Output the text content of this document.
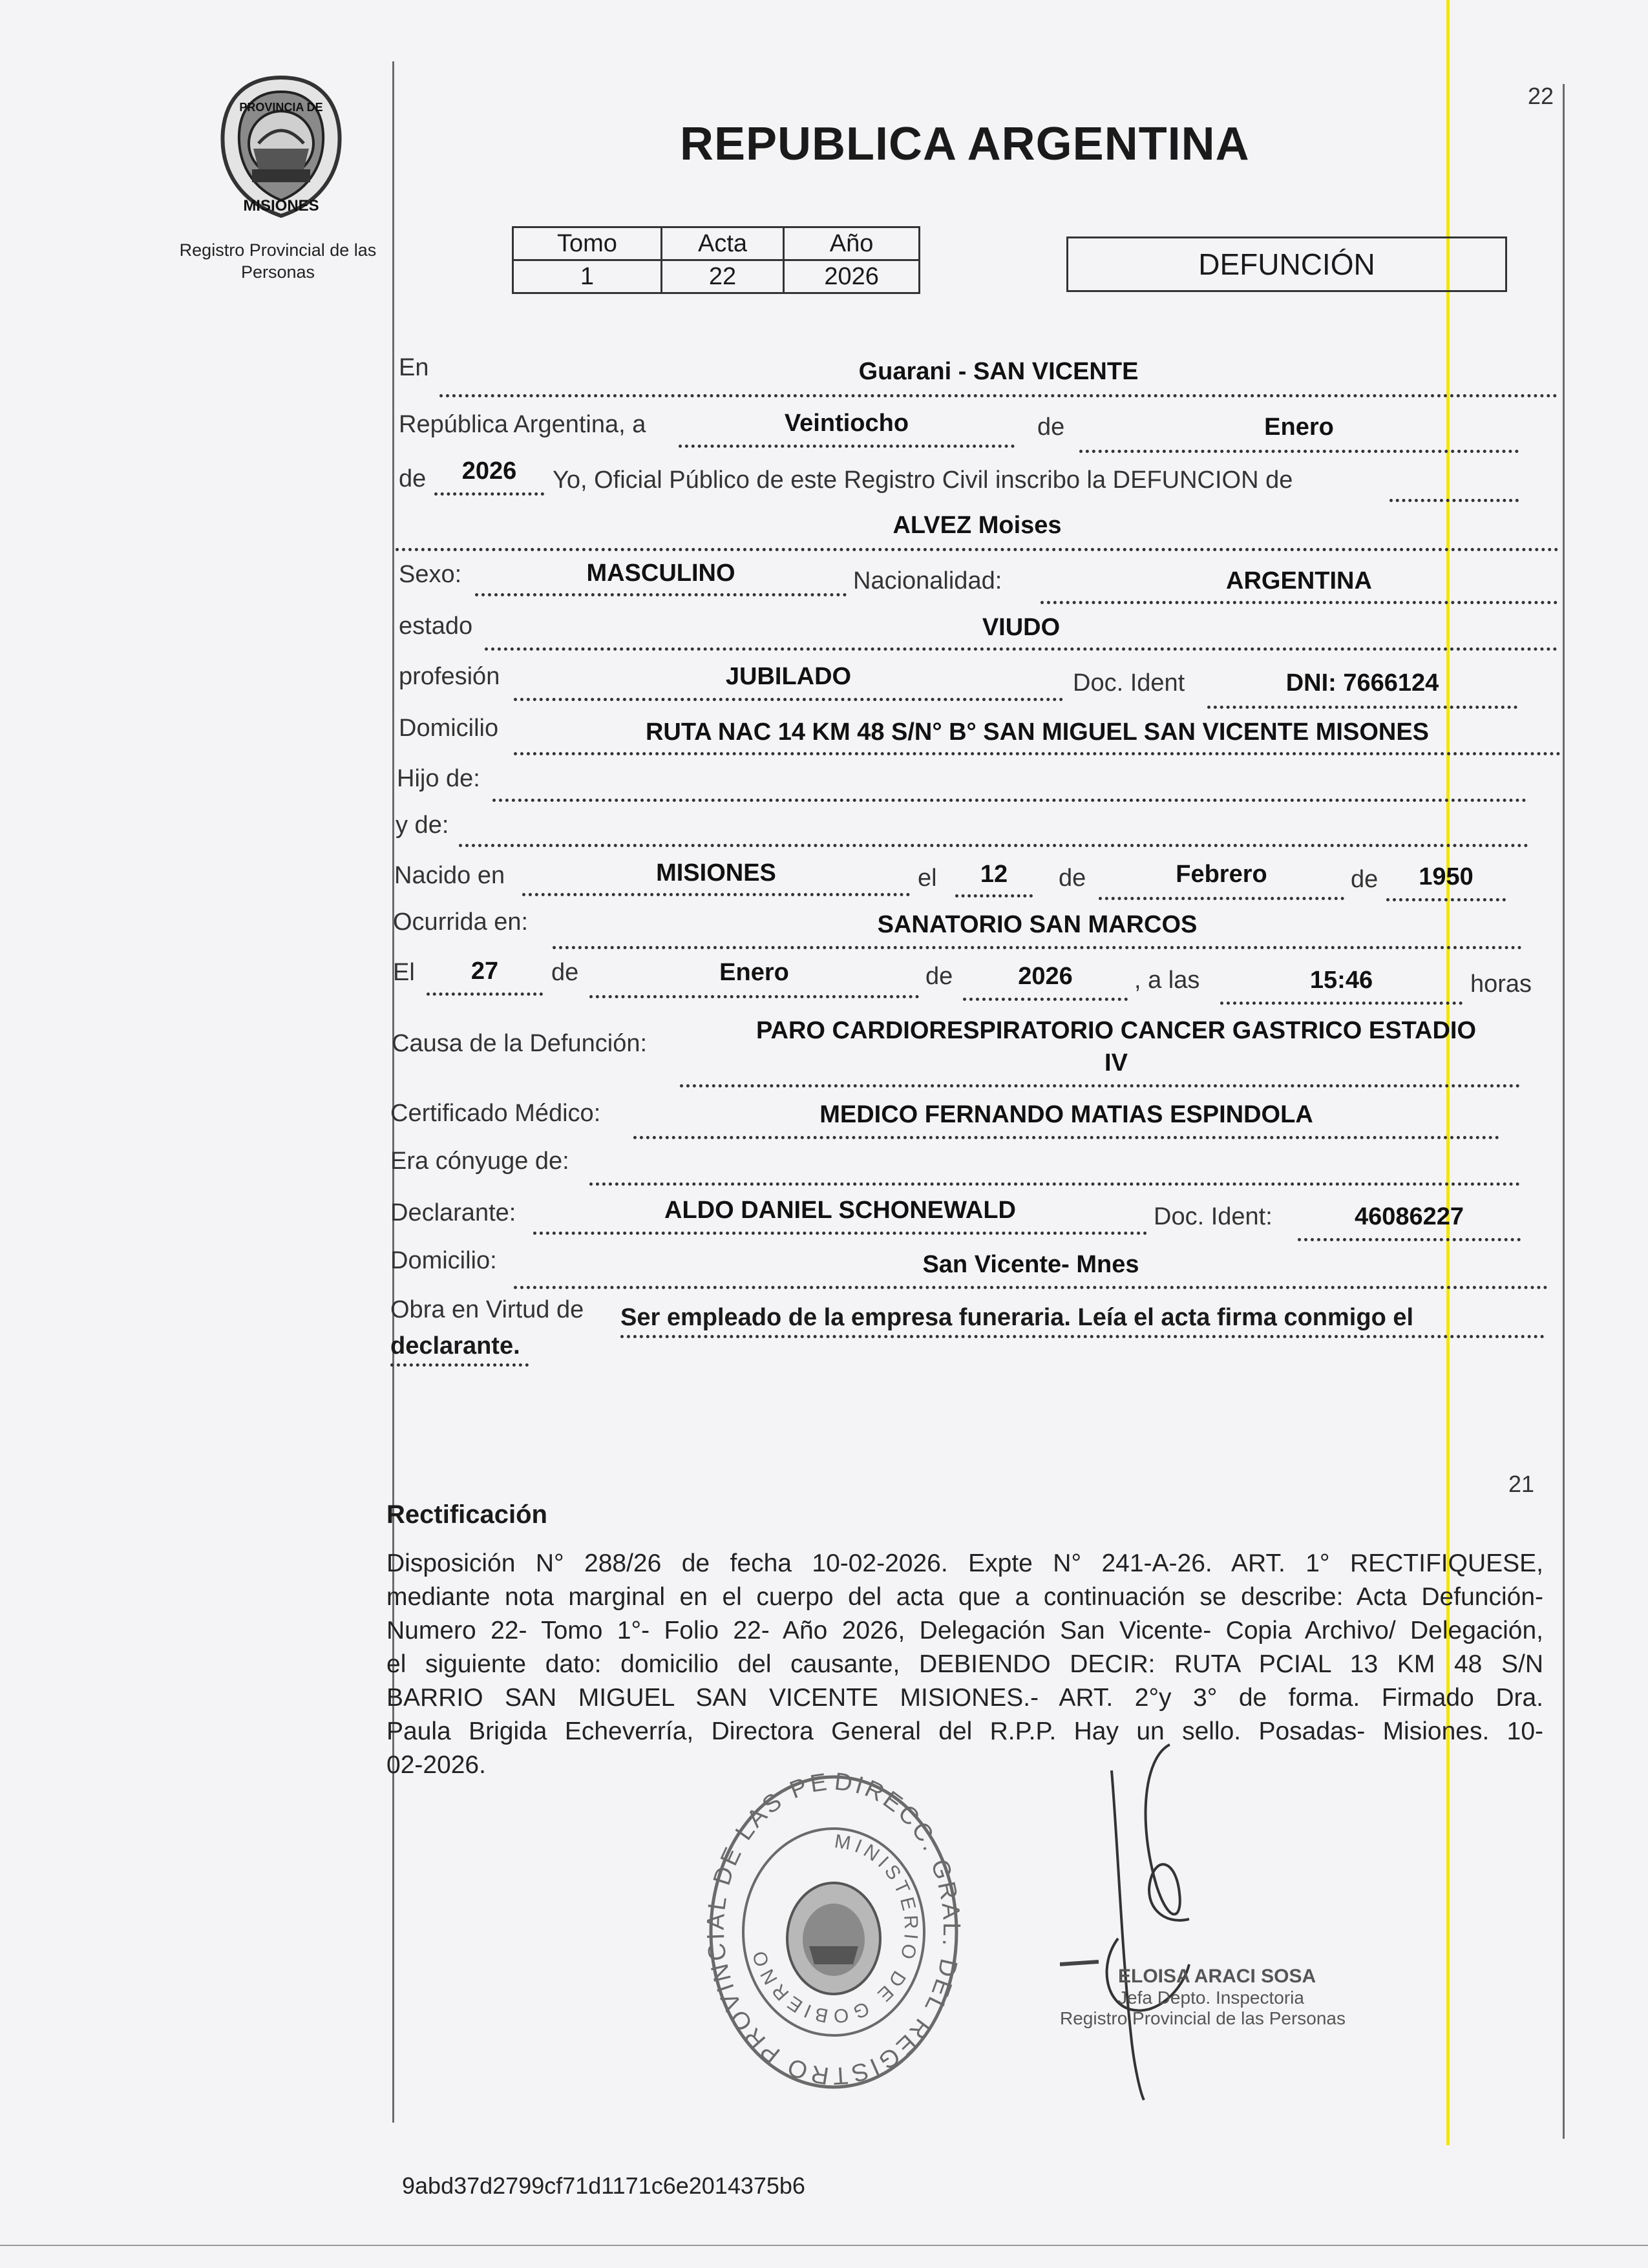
PROVINCIA DE
MISIONES
Registro Provincial de las Personas
REPUBLICA ARGENTINA
22
Tomo	Acta	Año
1	22	2026	DEFUNCIÓN
En	Guarani - SAN VICENTE
República Argentina, a	Veintiocho	de	Enero
de	2026	Yo, Oficial Público de este Registro Civil inscribo la DEFUNCION de
ALVEZ Moises
Sexo:	MASCULINO	Nacionalidad:	ARGENTINA
estado	VIUDO
profesión	JUBILADO	Doc. Ident	DNI: 7666124
Domicilio	RUTA NAC 14 KM 48 S/N° B° SAN MIGUEL SAN VICENTE MISONES
Hijo de:
y de:
Nacido en	MISIONES	el	12	de	Febrero	de	1950
Ocurrida en:	SANATORIO SAN MARCOS
El	27	de	Enero	de	2026	, a las	15:46	horas
Causa de la Defunción:	PARO CARDIORESPIRATORIO CANCER GASTRICO ESTADIO
IV
Certificado Médico:	MEDICO FERNANDO MATIAS ESPINDOLA
Era cónyuge de:
Declarante:	ALDO DANIEL SCHONEWALD	Doc. Ident:	46086227
Domicilio:	San Vicente- Mnes
Obra en Virtud de Ser empleado de la empresa funeraria. Leía el acta firma conmigo el
declarante.
21
Rectificación
Disposición N° 288/26 de fecha 10-02-2026. Expte N° 241-A-26. ART. 1° RECTIFIQUESE,
mediante nota marginal en el cuerpo del acta que a continuación se describe: Acta Defunción-
Numero 22- Tomo 1°- Folio 22- Año 2026, Delegación San Vicente- Copia Archivo/ Delegación,
el siguiente dato: domicilio del causante, DEBIENDO DECIR: RUTA PCIAL 13 KM 48 S/N
BARRIO SAN MIGUEL SAN VICENTE MISIONES.- ART. 2°y 3° de forma. Firmado Dra.
Paula Brigida Echeverría, Directora General del R.P.P. Hay un sello. Posadas- Misiones. 10-
02-2026.
DIRECC. GRAL. DEL REGISTRO PROVINCIAL DE LAS PE
MINISTERIO DE GOBIERNO
ELOISA ARACI SOSA
Jefa Depto. Inspectoria
Registro Provincial de las Personas
9abd37d2799cf71d1171c6e2014375b6
